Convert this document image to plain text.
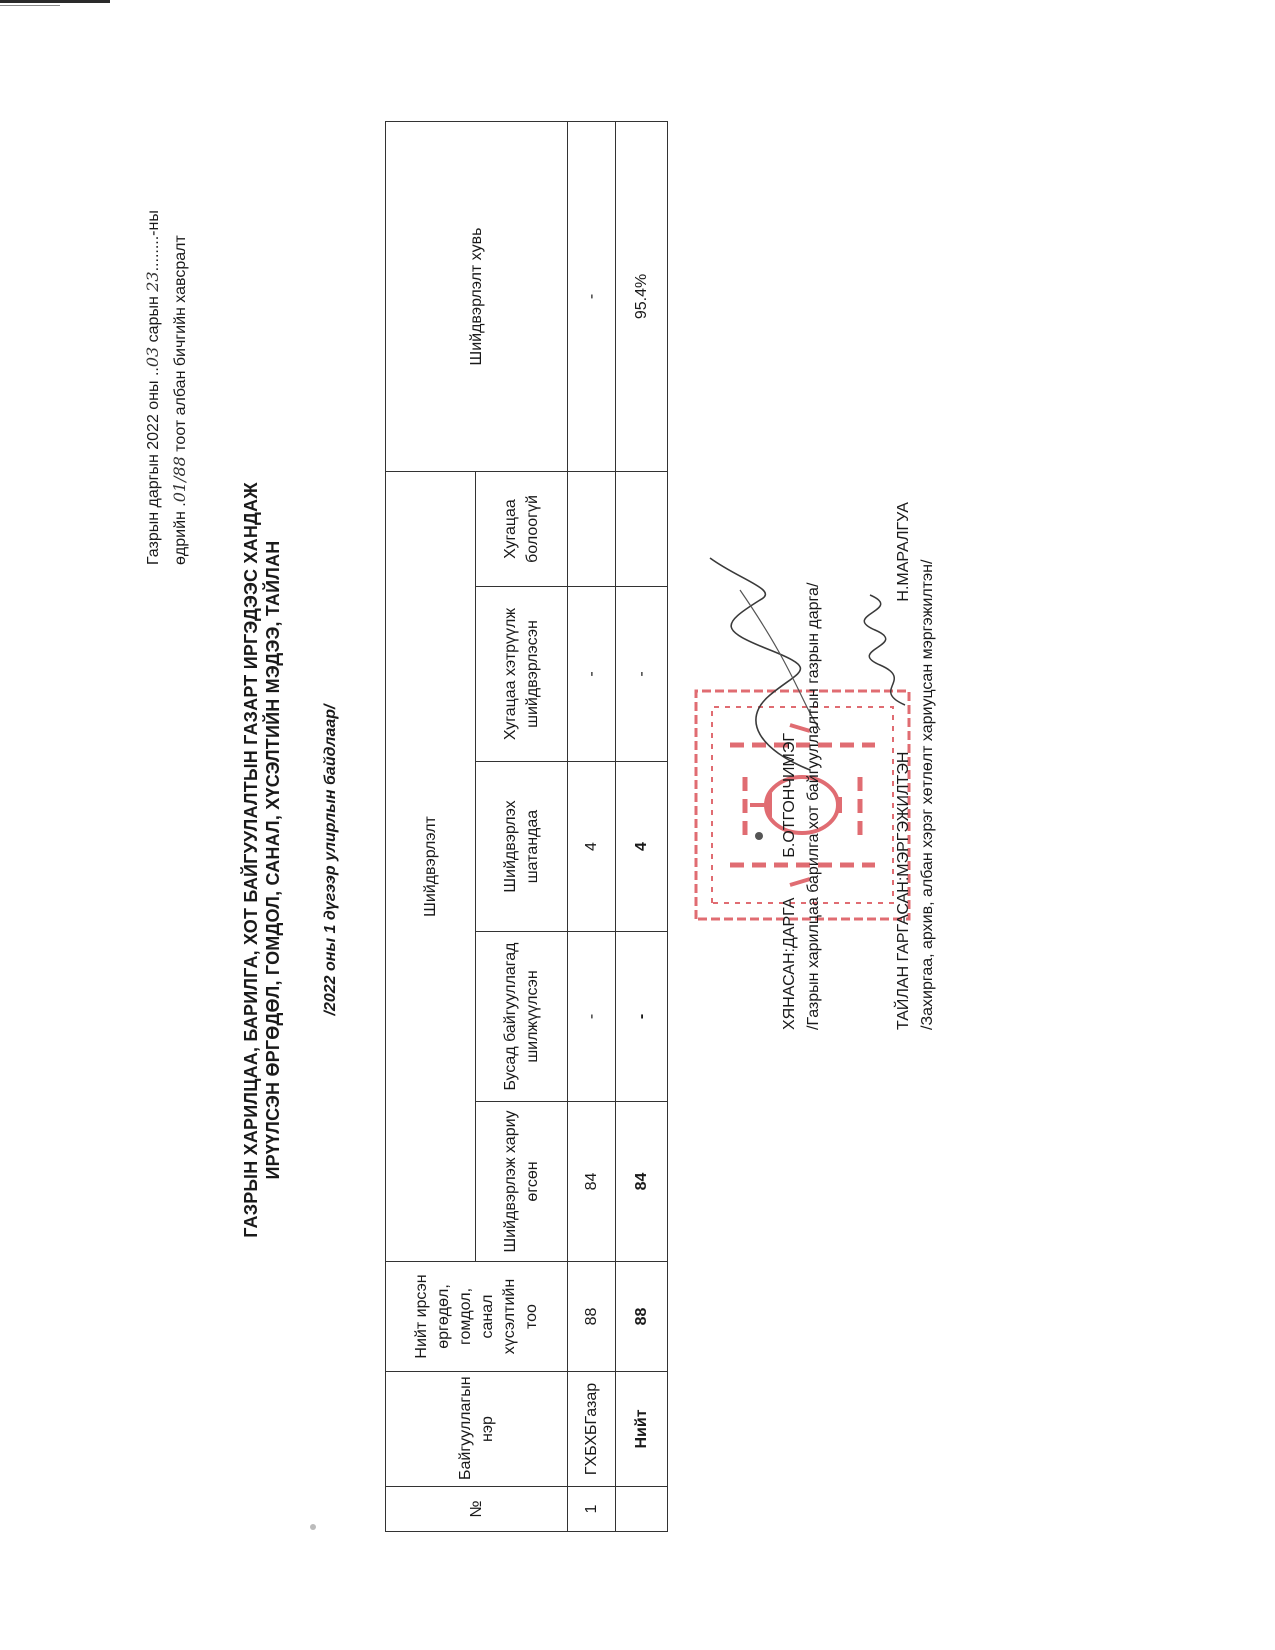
Газрын даргын 2022 оны ..03 сарын 23........-ны
өдрийн .01/88 тоот албан бичгийн хавсралт
ГАЗРЫН ХАРИЛЦАА, БАРИЛГА, ХОТ БАЙГУУЛАЛТЫН ГАЗАРТ ИРГЭДЭЭС ХАНДАЖ ИРҮҮЛСЭН ӨРГӨДӨЛ, ГОМДОЛ, САНАЛ, ХҮСЭЛТИЙН МЭДЭЭ, ТАЙЛАН /2022 оны 1 дүгээр улирлын байдлаар/
№	Байгууллагын нэр	Нийт ирсэн өргөдөл, гомдол, санал хүсэлтийн тоо	Шийдвэрлэлт					Шийдвэрлэлт хувь
			Шийдвэрлэж хариу өгсөн	Бусад байгууллагад шилжүүлсэн	Шийдвэрлэх шатандаа	Хугацаа хэтрүүлж шийдвэрлэсэн	Хугацаа болоогүй	
1	ГХБХБГазар	88	84	-	4	-		-
	Нийт	88	84	-	4	-		95.4%
ХЯНАСАН:ДАРГА
Б.ОТГОНЧИМЭГ /Газрын харилцаа барилга хот байгууллалтын газрын дарга/	ТАЙЛАН ГАРГАСАН:МЭРГЭЖИЛТЭН
Н.МАРАЛГУА
/Захиргаа, архив, албан хэрэг хөтлөлт хариуцсан мэргэжилтэн/
